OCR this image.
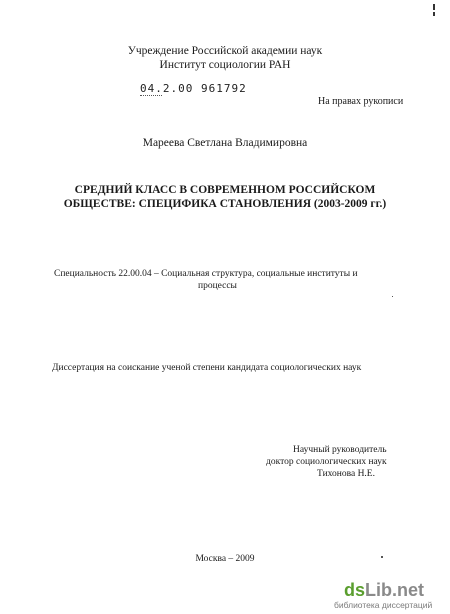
Учреждение Российской академии наук
Институт социологии РАН
04.2.00 961792
На правах рукописи
Мареева Светлана Владимировна
СРЕДНИЙ КЛАСС В СОВРЕМЕННОМ РОССИЙСКОМ
ОБЩЕСТВЕ: СПЕЦИФИКА СТАНОВЛЕНИЯ (2003-2009 гг.)
Специальность 22.00.04 – Социальная структура, социальные институты и
процессы
Диссертация на соискание ученой степени кандидата социологических наук
Научный руководитель
доктор социологических наук
Тихонова Н.Е.
Москва – 2009
dsLib.net
библиотека диссертаций
